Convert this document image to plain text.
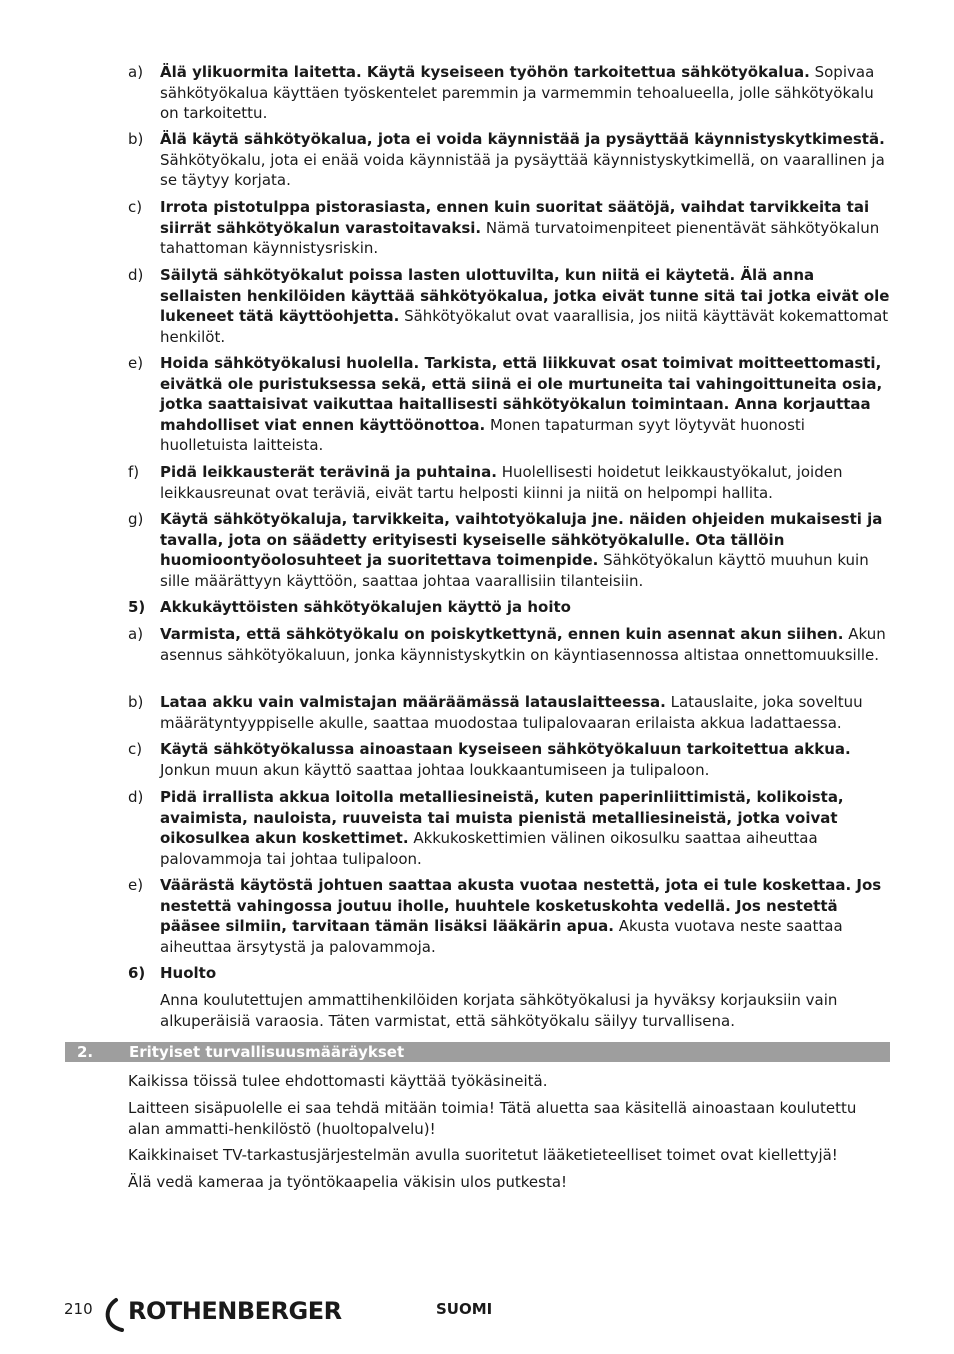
a)	Älä ylikuormita laitetta. Käytä kyseiseen työhön tarkoitettua sähkötyökalua. Sopivaa sähkötyökalua käyttäen työskentelet paremmin ja varmemmin tehoalueella, jolle sähkötyökalu on tarkoitettu.
b)	Älä käytä sähkötyökalua, jota ei voida käynnistää ja pysäyttää käynnistyskytkimestä. Sähkötyökalu, jota ei enää voida käynnistää ja pysäyttää käynnistyskytkimellä, on vaarallinen ja se täytyy korjata.
c)	Irrota pistotulppa pistorasiasta, ennen kuin suoritat säätöjä, vaihdat tarvikkeita tai siirrät sähkötyökalun varastoitavaksi. Nämä turvatoimenpiteet pienentävät sähkötyökalun tahattoman käynnistysriskin.
d)	Säilytä sähkötyökalut poissa lasten ulottuvilta, kun niitä ei käytetä. Älä anna sellaisten henkilöiden käyttää sähkötyökalua, jotka eivät tunne sitä tai jotka eivät ole lukeneet tätä käyttöohjetta. Sähkötyökalut ovat vaarallisia, jos niitä käyttävät kokemattomat henkilöt.
e)	Hoida sähkötyökalusi huolella. Tarkista, että liikkuvat osat toimivat moitteettomasti, eivätkä ole puristuksessa sekä, että siinä ei ole murtuneita tai vahingoittuneita osia, jotka saattaisivat vaikuttaa haitallisesti sähkötyökalun toimintaan. Anna korjauttaa mahdolliset viat ennen käyttöönottoa. Monen tapaturman syyt löytyvät huonosti huolletuista laitteista.
f)	Pidä leikkausterät terävinä ja puhtaina. Huolellisesti hoidetut leikkaustyökalut, joiden leikkausreunat ovat teräviä, eivät tartu helposti kiinni ja niitä on helpompi hallita.
g)	Käytä sähkötyökaluja, tarvikkeita, vaihtotyökaluja jne. näiden ohjeiden mukaisesti ja tavalla, jota on säädetty erityisesti kyseiselle sähkötyökalulle. Ota tällöin huomioontyöolosuhteet ja suoritettava toimenpide. Sähkötyökalun käyttö muuhun kuin sille määrättyyn käyttöön, saattaa johtaa vaarallisiin tilanteisiin.
5) Akkukäyttöisten sähkötyökalujen käyttö ja hoito
a)	Varmista, että sähkötyökalu on poiskytkettynä, ennen kuin asennat akun siihen. Akun asennus sähkötyökaluun, jonka käynnistyskytkin on käyntiasennossa altistaa onnettomuuksille.
b)	Lataa akku vain valmistajan määräämässä latauslaitteessa. Latauslaite, joka soveltuu määrätyntyyppiselle akulle, saattaa muodostaa tulipalovaaran erilaista akkua ladattaessa.
c)	Käytä sähkötyökalussa ainoastaan kyseiseen sähkötyökaluun tarkoitettua akkua. Jonkun muun akun käyttö saattaa johtaa loukkaantumiseen ja tulipaloon.
d)	Pidä irrallista akkua loitolla metalliesineistä, kuten paperinliittimistä, kolikoista, avaimista, nauloista, ruuveista tai muista pienistä metalliesineistä, jotka voivat oikosulkea akun koskettimet. Akkukoskettimien välinen oikosulku saattaa aiheuttaa palovammoja tai johtaa tulipaloon.
e)	Väärästä käytöstä johtuen saattaa akusta vuotaa nestettä, jota ei tule koskettaa. Jos nestettä vahingossa joutuu iholle, huuhtele kosketuskohta vedellä. Jos nestettä pääsee silmiin, tarvitaan tämän lisäksi lääkärin apua. Akusta vuotava neste saattaa aiheuttaa ärsytystä ja palovammoja.
6) Huolto
Anna koulutettujen ammattihenkilöiden korjata sähkötyökalusi ja hyväksy korjauksiin vain alkuperäisiä varaosia. Täten varmistat, että sähkötyökalu säilyy turvallisena.
2. Erityiset turvallisuusmääräykset
Kaikissa töissä tulee ehdottomasti käyttää työkäsineitä.
Laitteen sisäpuolelle ei saa tehdä mitään toimia! Tätä aluetta saa käsitellä ainoastaan koulutettu alan ammatti-henkilöstö (huoltopalvelu)!
Kaikkinaiset TV-tarkastusjärjestelmän avulla suoritetut lääketieteelliset toimet ovat kiellettyjä!
Älä vedä kameraa ja työntökaapelia väkisin ulos putkesta!
210 ROTHENBERGER	SUOMI
